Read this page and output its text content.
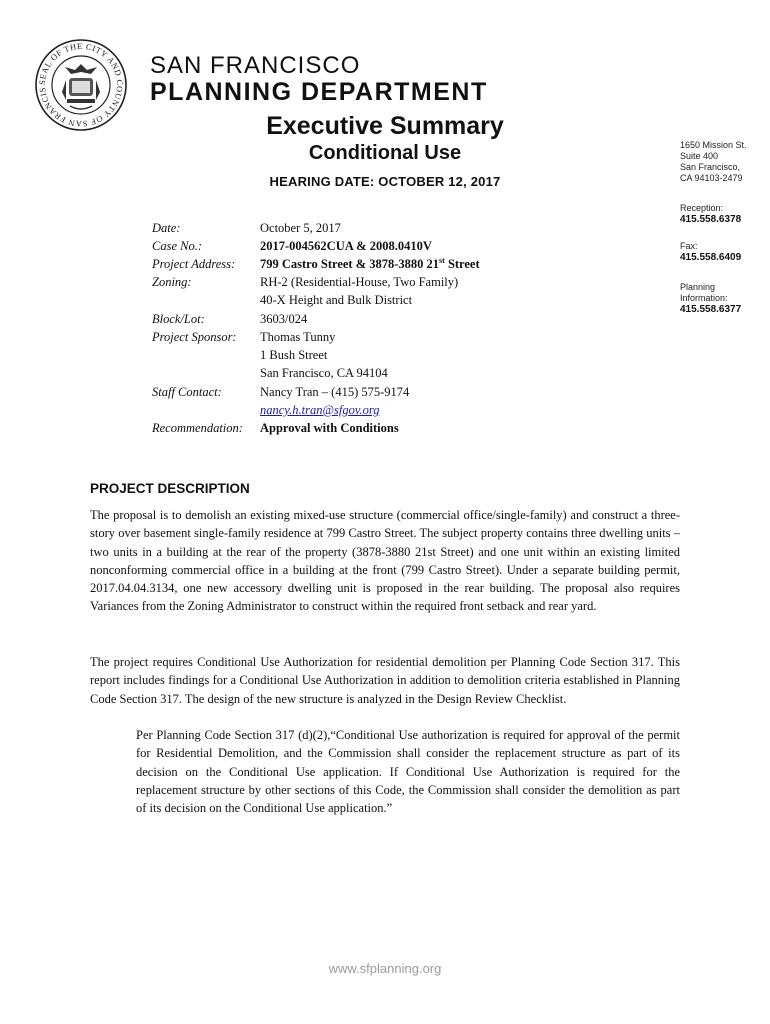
SEAL OF THE CITY AND COUNTY OF SAN FRANCIS
SAN FRANCISCO
PLANNING DEPARTMENT
Executive Summary
Conditional Use
HEARING DATE: OCTOBER 12, 2017
1650 Mission St.
Suite 400
San Francisco,
CA 94103-2479
Reception:
415.558.6378
Fax:
415.558.6409
Planning
Information:
415.558.6377
Date:	October 5, 2017
Case No.:	2017-004562CUA & 2008.0410V
Project Address: 799 Castro Street & 3878-3880 21st Street
Zoning:	RH-2 (Residential-House, Two Family)
40-X Height and Bulk District
Block/Lot:	3603/024
Project Sponsor: Thomas Tunny
1 Bush Street
San Francisco, CA 94104
Staff Contact:	Nancy Tran – (415) 575-9174
nancy.h.tran@sfgov.org
Recommendation: Approval with Conditions
PROJECT DESCRIPTION
The proposal is to demolish an existing mixed-use structure (commercial office/single-family) and construct a three-story over basement single-family residence at 799 Castro Street. The subject property contains three dwelling units – two units in a building at the rear of the property (3878-3880 21st Street) and one unit within an existing limited nonconforming commercial office in a building at the front (799 Castro Street). Under a separate building permit, 2017.04.04.3134, one new accessory dwelling unit is proposed in the rear building. The proposal also requires Variances from the Zoning Administrator to construct within the required front setback and rear yard.
The project requires Conditional Use Authorization for residential demolition per Planning Code Section 317. This report includes findings for a Conditional Use Authorization in addition to demolition criteria established in Planning Code Section 317. The design of the new structure is analyzed in the Design Review Checklist.
Per Planning Code Section 317 (d)(2),“Conditional Use authorization is required for approval of the permit for Residential Demolition, and the Commission shall consider the replacement structure as part of its decision on the Conditional Use application. If Conditional Use Authorization is required for the replacement structure by other sections of this Code, the Commission shall consider the demolition as part of its decision on the Conditional Use application.”
www.sfplanning.org
